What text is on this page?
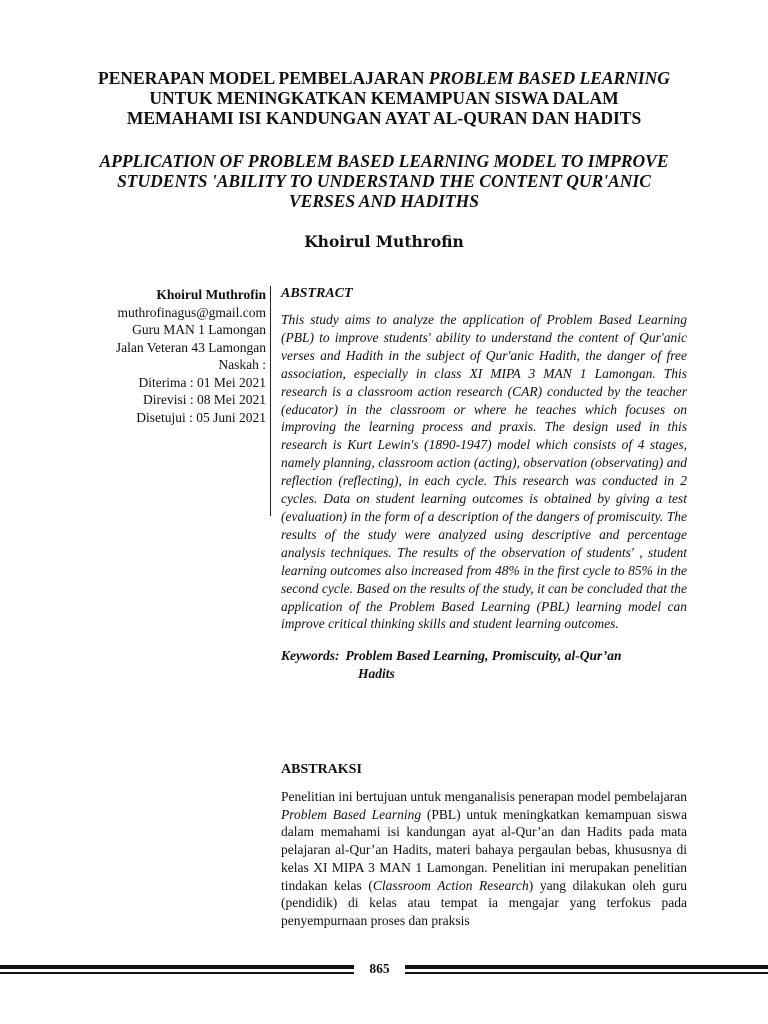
PENERAPAN MODEL PEMBELAJARAN PROBLEM BASED LEARNING
UNTUK MENINGKATKAN KEMAMPUAN SISWA DALAM
MEMAHAMI ISI KANDUNGAN AYAT AL-QURAN DAN HADITS
APPLICATION OF PROBLEM BASED LEARNING MODEL TO IMPROVE
STUDENTS 'ABILITY TO UNDERSTAND THE CONTENT QUR'ANIC
VERSES AND HADITHS
Khoirul Muthrofin
Khoirul Muthrofin
muthrofinagus@gmail.com
Guru MAN 1 Lamongan
Jalan Veteran 43 Lamongan
Naskah :
Diterima : 01 Mei 2021
Direvisi : 08 Mei 2021
Disetujui : 05 Juni 2021
ABSTRACT

This study aims to analyze the application of Problem Based Learning (PBL) to improve students' ability to understand the content of Qur'anic verses and Hadith in the subject of Qur'anic Hadith, the danger of free association, especially in class XI MIPA 3 MAN 1 Lamongan. This research is a classroom action research (CAR) conducted by the teacher (educator) in the classroom or where he teaches which focuses on improving the learning process and praxis. The design used in this research is Kurt Lewin's (1890-1947) model which consists of 4 stages, namely planning, classroom action (acting), observation (observating) and reflection (reflecting), in each cycle. This research was conducted in 2 cycles. Data on student learning outcomes is obtained by giving a test (evaluation) in the form of a description of the dangers of promiscuity. The results of the study were analyzed using descriptive and percentage analysis techniques. The results of the observation of students' , student learning outcomes also increased from 48% in the first cycle to 85% in the second cycle. Based on the results of the study, it can be concluded that the application of the Problem Based Learning (PBL) learning model can improve critical thinking skills and student learning outcomes.

Keywords: Problem Based Learning, Promiscuity, al-Qur’an
Hadits
ABSTRAKSI

Penelitian ini bertujuan untuk menganalisis penerapan model pembelajaran Problem Based Learning (PBL) untuk meningkatkan kemampuan siswa dalam memahami isi kandungan ayat al-Qur’an dan Hadits pada mata pelajaran al-Qur’an Hadits, materi bahaya pergaulan bebas, khususnya di kelas XI MIPA 3 MAN 1 Lamongan. Penelitian ini merupakan penelitian tindakan kelas (Classroom Action Research) yang dilakukan oleh guru (pendidik) di kelas atau tempat ia mengajar yang terfokus pada penyempurnaan proses dan praksis

865
